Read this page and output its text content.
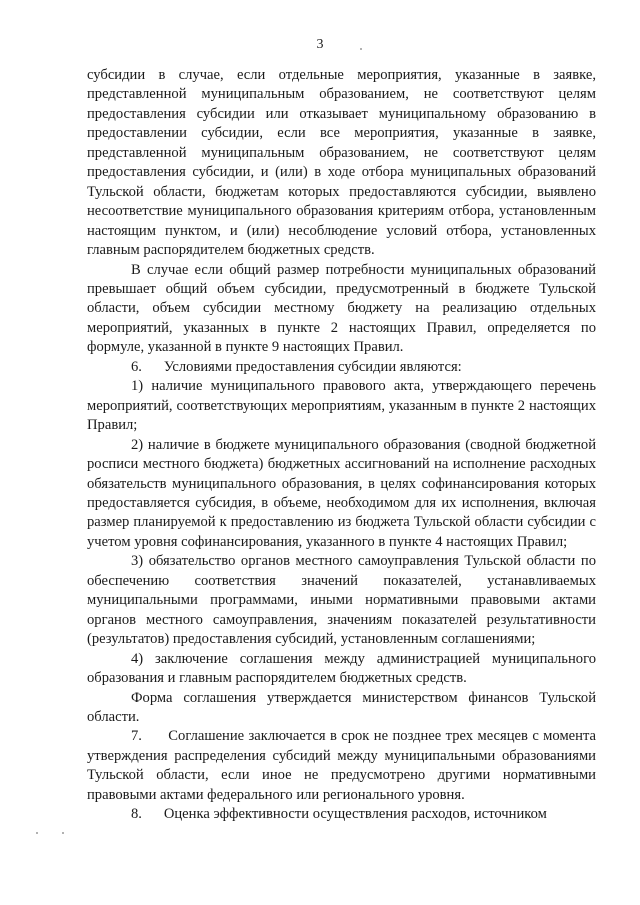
3

субсидии в случае, если отдельные мероприятия, указанные в заявке, представленной муниципальным образованием, не соответствуют целям предоставления субсидии или отказывает муниципальному образованию в предоставлении субсидии, если все мероприятия, указанные в заявке, представленной муниципальным образованием, не соответствуют целям предоставления субсидии, и (или) в ходе отбора муниципальных образований Тульской области, бюджетам которых предоставляются субсидии, выявлено несоответствие муниципального образования критериям отбора, установленным настоящим пунктом, и (или) несоблюдение условий отбора, установленных главным распорядителем бюджетных средств.

В случае если общий размер потребности муниципальных образований превышает общий объем субсидии, предусмотренный в бюджете Тульской области, объем субсидии местному бюджету на реализацию отдельных мероприятий, указанных в пункте 2 настоящих Правил, определяется по формуле, указанной в пункте 9 настоящих Правил.

6.      Условиями предоставления субсидии являются:

1) наличие муниципального правового акта, утверждающего перечень мероприятий, соответствующих мероприятиям, указанным в пункте 2 настоящих Правил;

2) наличие в бюджете муниципального образования (сводной бюджетной росписи местного бюджета) бюджетных ассигнований на исполнение расходных обязательств муниципального образования, в целях софинансирования которых предоставляется субсидия, в объеме, необходимом для их исполнения, включая размер планируемой к предоставлению из бюджета Тульской области субсидии с учетом уровня софинансирования, указанного в пункте 4 настоящих Правил;

3) обязательство органов местного самоуправления Тульской области по обеспечению соответствия значений показателей, устанавливаемых муниципальными программами, иными нормативными правовыми актами органов местного самоуправления, значениям показателей результативности (результатов) предоставления субсидий, установленным соглашениями;

4) заключение соглашения между администрацией муниципального образования и главным распорядителем бюджетных средств.

Форма соглашения утверждается министерством финансов Тульской области.

7.      Соглашение заключается в срок не позднее трех месяцев с момента утверждения распределения субсидий между муниципальными образованиями Тульской области, если иное не предусмотрено другими нормативными правовыми актами федерального или регионального уровня.

8.      Оценка эффективности осуществления расходов, источником
